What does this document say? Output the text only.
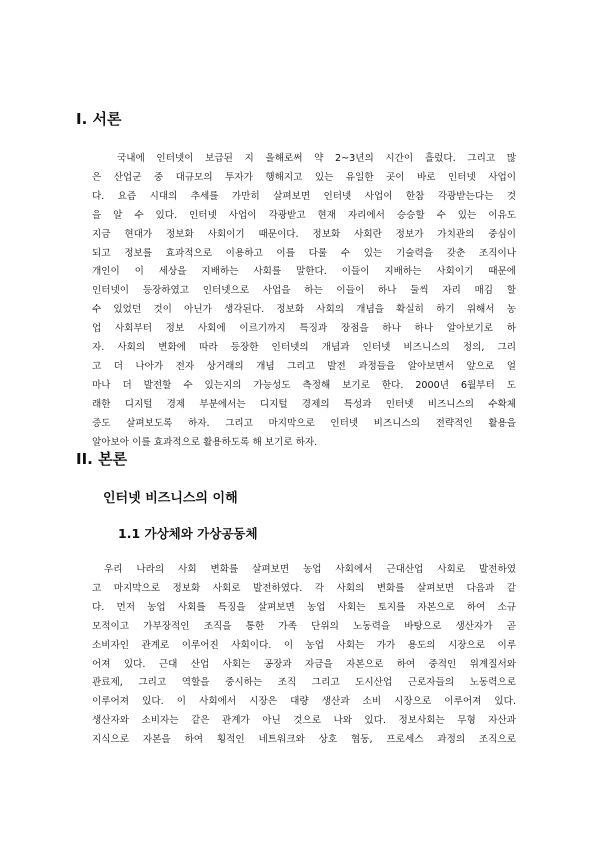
I. 서론
국내에 인터넷이 보급된 지 올해로써 약 2~3년의 시간이 흘렀다. 그리고 많
은 산업군 중 대규모의 투자가 행해지고 있는 유일한 곳이 바로 인터넷 사업이
다. 요즘 시대의 추세를 가만히 살펴보면 인터넷 사업이 한참 각광받는다는 것
을 알 수 있다. 인터넷 사업이 각광받고 현재 자리에서 승승할 수 있는 이유도
지금 현대가 정보화 사회이기 때문이다. 정보화 사회란 정보가 가치관의 중심이
되고 정보를 효과적으로 이용하고 이를 다룰 수 있는 기술력을 갖춘 조직이나
개인이 이 세상을 지배하는 사회를 말한다. 이들이 지배하는 사회이기 때문에
인터넷이 등장하였고 인터넷으로 사업을 하는 이들이 하나 둘씩 자리 매김 할
수 있었던 것이 아닌가 생각된다. 정보화 사회의 개념을 확실히 하기 위해서 농
업 사회부터 정보 사회에 이르기까지 특징과 장점을 하나 하나 알아보기로 하
자. 사회의 변화에 따라 등장한 인터넷의 개념과 인터넷 비즈니스의 정의, 그리
고 더 나아가 전자 상거래의 개념 그리고 발전 과정들을 알아보면서 앞으로 얼
마나 더 발전할 수 있는지의 가능성도 측정해 보기로 한다. 2000년 6월부터 도
래한 디지털 경제 부분에서는 디지털 경제의 특성과 인터넷 비즈니스의 수확체
증도 살펴보도록 하자. 그리고 마지막으로 인터넷 비즈니스의 전략적인 활용을
알아보아 이를 효과적으로 활용하도록 해 보기로 하자.
II. 본론
인터넷 비즈니스의 이해
1.1 가상체와 가상공동체
우리 나라의 사회 변화를 살펴보면 농업 사회에서 근대산업 사회로 발전하였
고 마지막으로 정보화 사회로 발전하였다. 각 사회의 변화를 살펴보면 다음과 같
다. 먼저 농업 사회를 특징을 살펴보면 농업 사회는 토지를 자본으로 하여 소규
모적이고 가부장적인 조직을 통한 가족 단위의 노동력을 바탕으로 생산자가 곧
소비자인 관계로 이루어진 사회이다. 이 농업 사회는 가가 용도의 시장으로 이루
어져 있다. 근대 산업 사회는 공장과 자금을 자본으로 하여 중적인 위계질서와
관료제, 그리고 역할을 중시하는 조직 그리고 도시산업 근로자들의 노동력으로
이루어져 있다. 이 사회에서 시장은 대량 생산과 소비 시장으로 이루어져 있다.
생산자와 소비자는 같은 관계가 아닌 것으로 나와 있다. 정보사회는 무형 자산과
지식으로 자본을 하여 횡적인 네트워크와 상호 협동, 프로세스 과정의 조직으로
